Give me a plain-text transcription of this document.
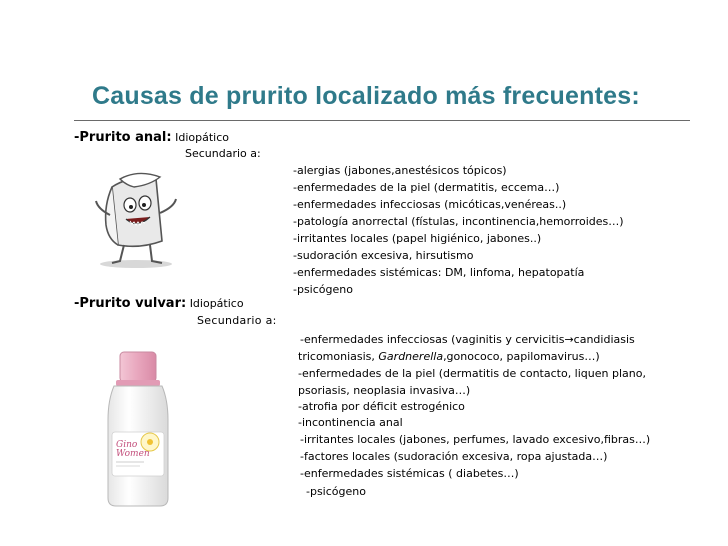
Causas de prurito localizado más frecuentes:
-Prurito anal: Idiopático
Secundario a:
-alergias (jabones,anestésicos tópicos)
-enfermedades de la piel (dermatitis, eccema…)
-enfermedades infecciosas (micóticas,venéreas..)
-patología anorrectal (fístulas, incontinencia,hemorroides…)
-irritantes locales (papel higiénico, jabones..)
-sudoración excesiva, hirsutismo
-enfermedades sistémicas: DM, linfoma, hepatopatía
-psicógeno
-Prurito vulvar: Idiopático
Secundario a:
-enfermedades infecciosas (vaginitis y cervicitis→candidiasis
tricomoniasis, Gardnerella,gonococo, papilomavirus…)
-enfermedades de la piel (dermatitis de contacto, liquen plano,
psoriasis, neoplasia invasiva…)
-atrofia por déficit estrogénico
-incontinencia anal
-irritantes locales (jabones, perfumes, lavado excesivo,fibras…)
-factores locales (sudoración excesiva, ropa ajustada…)
-enfermedades sistémicas ( diabetes…)
-psicógeno
Gino
Women
